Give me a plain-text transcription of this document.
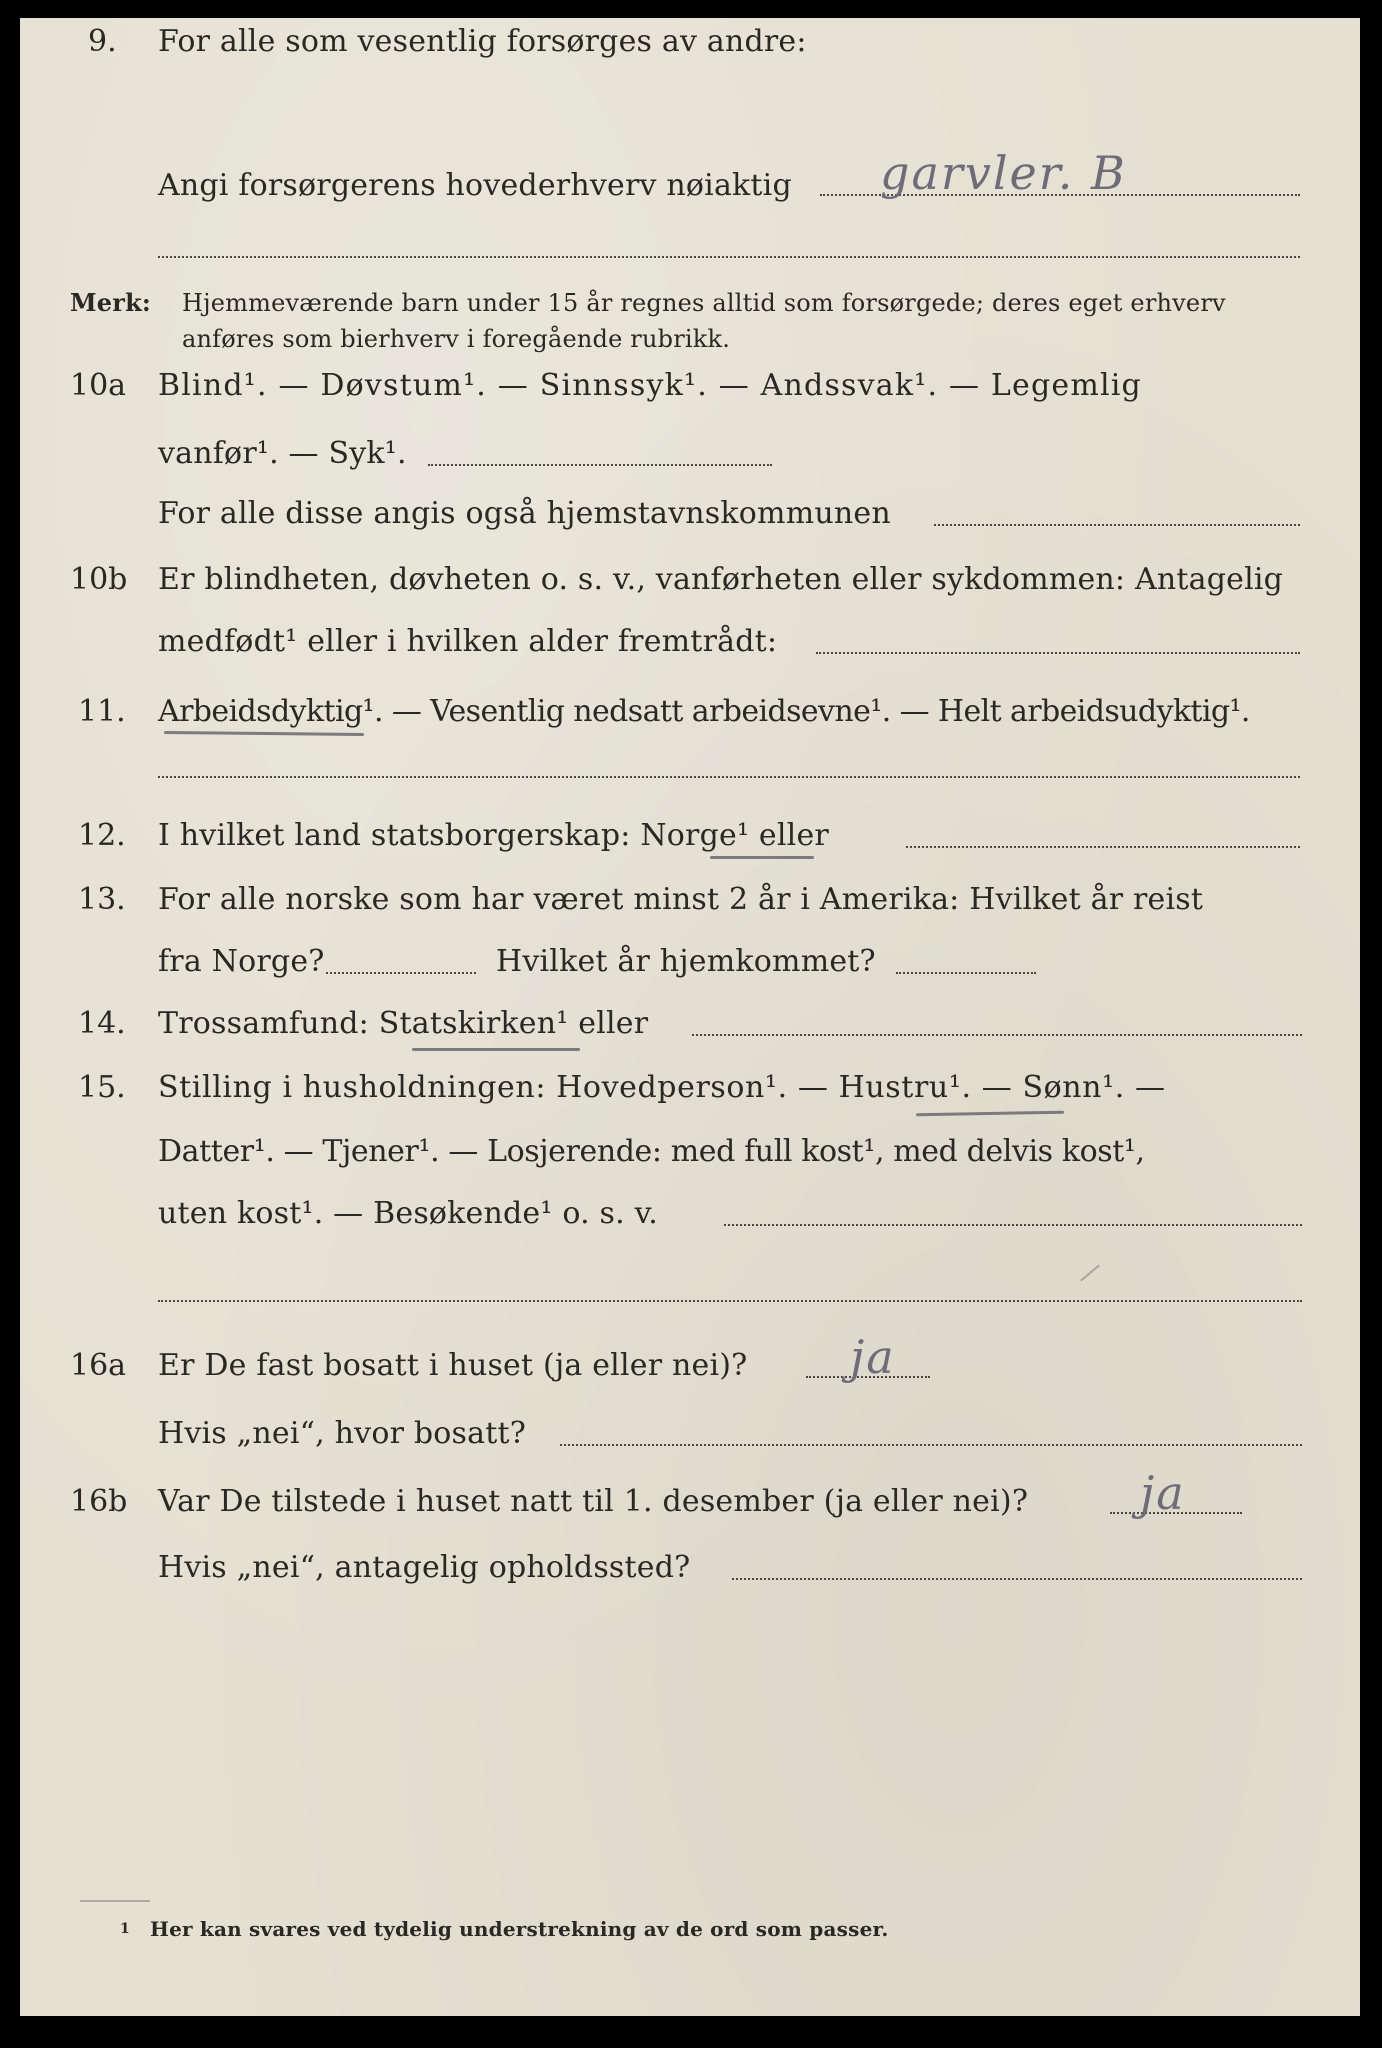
9. For alle som vesentlig forsørges av andre:
Angi forsørgerens hovederhverv nøiaktig garvler. B
Merk: Hjemmeværende barn under 15 år regnes alltid som forsørgede; deres eget erhverv
anføres som bierhverv i foregående rubrikk.
10a Blind¹. — Døvstum¹. — Sinnssyk¹. — Andssvak¹. — Legemlig
vanfør¹. — Syk¹.
For alle disse angis også hjemstavnskommunen
10b Er blindheten, døvheten o. s. v., vanførheten eller sykdommen: Antagelig
medfødt¹ eller i hvilken alder fremtrådt:
11. Arbeidsdyktig¹. — Vesentlig nedsatt arbeidsevne¹. — Helt arbeidsudyktig¹.
12. I hvilket land statsborgerskap: Norge¹ eller
13. For alle norske som har været minst 2 år i Amerika: Hvilket år reist
fra Norge?	Hvilket år hjemkommet?
14. Trossamfund: Statskirken¹ eller
15. Stilling i husholdningen: Hovedperson¹. — Hustru¹. — Sønn¹. —
Datter¹. — Tjener¹. — Losjerende: med full kost¹, med delvis kost¹,
uten kost¹. — Besøkende¹ o. s. v.
16a Er De fast bosatt i huset (ja eller nei)? ja
Hvis „nei“, hvor bosatt?
16b Var De tilstede i huset natt til 1. desember (ja eller nei)? ja
Hvis „nei“, antagelig opholdssted?
1 Her kan svares ved tydelig understrekning av de ord som passer.
